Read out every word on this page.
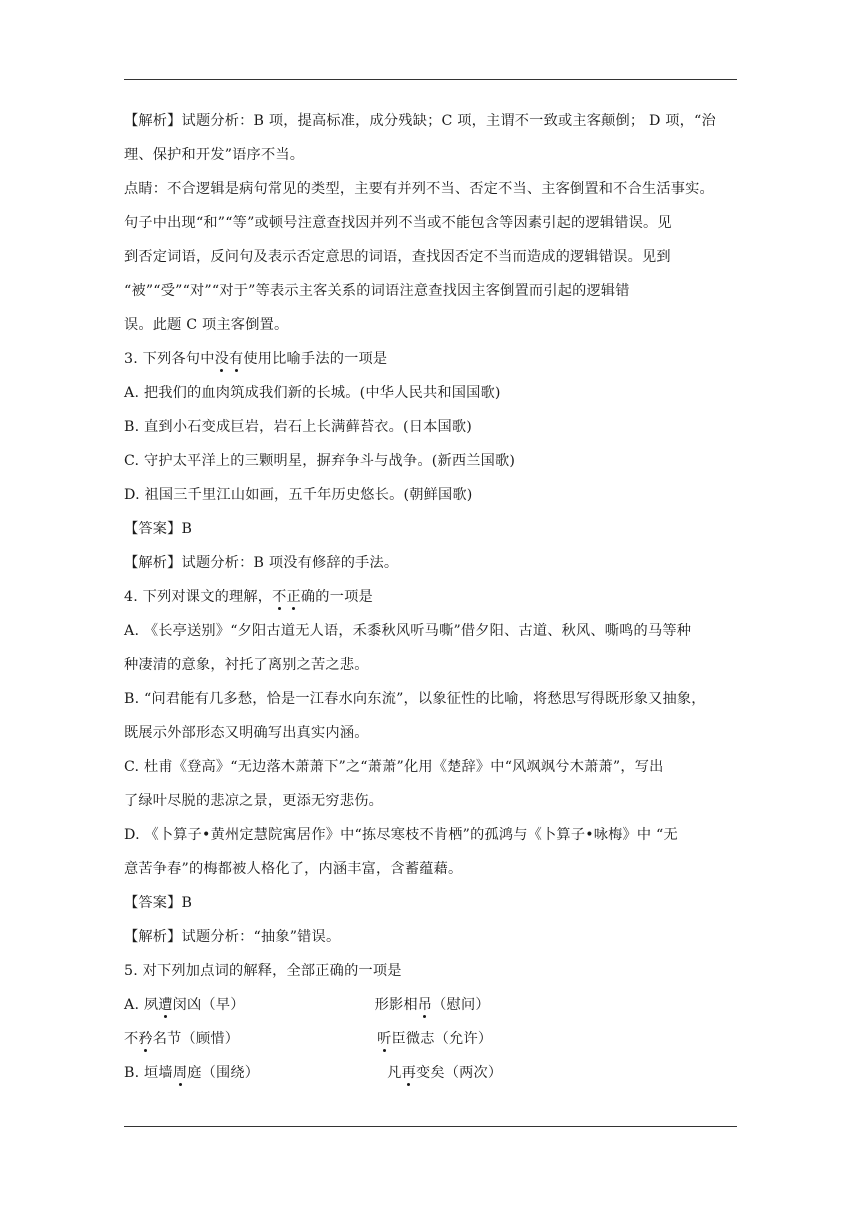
【解析】试题分析：B 项，提高标准，成分残缺；C 项，主谓不一致或主客颠倒； D 项，“治
理、保护和开发”语序不当。
点睛：不合逻辑是病句常见的类型，主要有并列不当、否定不当、主客倒置和不合生活事实。
句子中出现“和”“等”或顿号注意查找因并列不当或不能包含等因素引起的逻辑错误。见
到否定词语，反问句及表示否定意思的词语，查找因否定不当而造成的逻辑错误。见到
“被”“受”“对”“对于”等表示主客关系的词语注意查找因主客倒置而引起的逻辑错
误。此题 C 项主客倒置。
3. 下列各句中没有使用比喻手法的一项是
A. 把我们的血肉筑成我们新的长城。(中华人民共和国国歌)
B. 直到小石变成巨岩，岩石上长满藓苔衣。(日本国歌)
C. 守护太平洋上的三颗明星，摒弃争斗与战争。(新西兰国歌)
D. 祖国三千里江山如画，五千年历史悠长。(朝鲜国歌)
【答案】B
【解析】试题分析：B 项没有修辞的手法。
4. 下列对课文的理解，不正确的一项是
A. 《长亭送别》“夕阳古道无人语，禾黍秋风听马嘶”借夕阳、古道、秋风、嘶鸣的马等种
种凄清的意象，衬托了离别之苦之悲。
B. “问君能有几多愁，恰是一江春水向东流”，以象征性的比喻，将愁思写得既形象又抽象，
既展示外部形态又明确写出真实内涵。
C. 杜甫《登高》“无边落木萧萧下”之“萧萧”化用《楚辞》中“风飒飒兮木萧萧”，写出
了绿叶尽脱的悲凉之景，更添无穷悲伤。
D. 《卜算子•黄州定慧院寓居作》中“拣尽寒枝不肯栖”的孤鸿与《卜算子•咏梅》中 “无
意苦争春”的梅都被人格化了，内涵丰富，含蓄蕴藉。
【答案】B
【解析】试题分析：“抽象”错误。
5. 对下列加点词的解释，全部正确的一项是
A. 夙遭闵凶（早）	形影相吊（慰问）
不矜名节（顾惜）	听臣微志（允许）
B. 垣墙周庭（围绕）	凡再变矣（两次）
